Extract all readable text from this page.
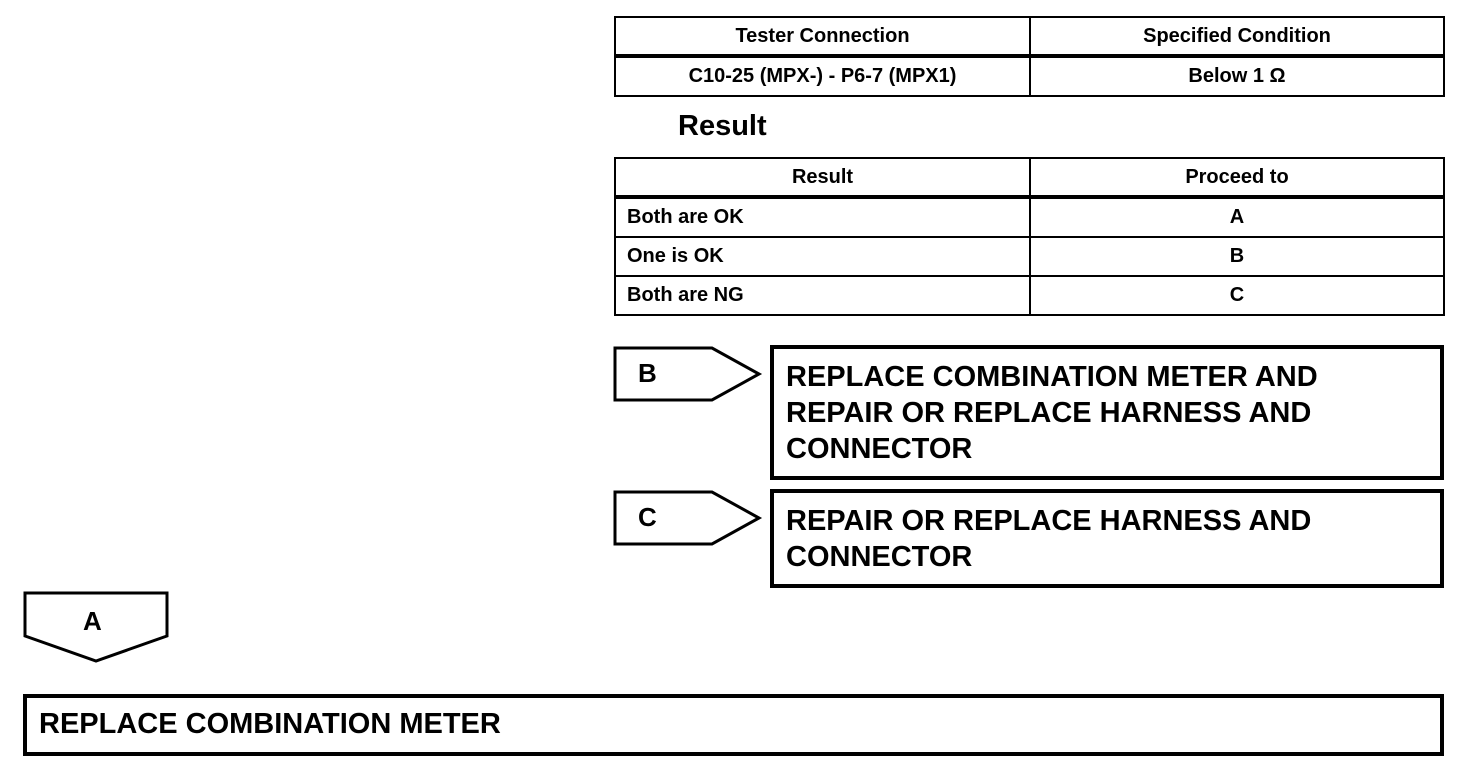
Tester Connection	Specified Condition
C10-25 (MPX-) - P6-7 (MPX1)	Below 1 Ω
Result
Result	Proceed to
Both are OK	A
One is OK	B
Both are NG	C
B	REPLACE COMBINATION METER AND
REPAIR OR REPLACE HARNESS AND
CONNECTOR
C	REPAIR OR REPLACE HARNESS AND
CONNECTOR
A
REPLACE COMBINATION METER
